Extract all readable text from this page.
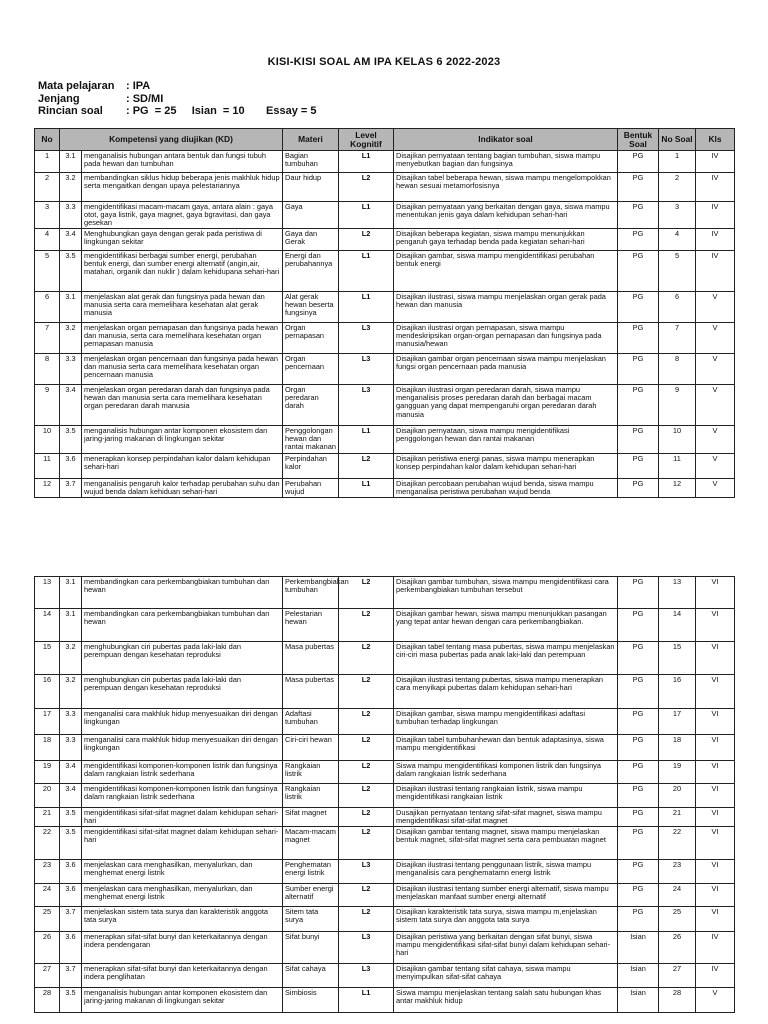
KISI-KISI SOAL AM IPA KELAS 6 2022-2023
Mata pelajaran	: IPA
Jenjang	: SD/MI
Rincian soal	: PG  = 25     Isian  = 10       Essay = 5
No	Kompetensi yang diujikan (KD)		Materi	Level Kognitif	Indikator soal	Bentuk Soal	No Soal	Kls
1	3.1	menganalisis hubungan antara bentuk dan fungsi tubuh pada hewan dan tumbuhan	Bagian tumbuhan	L1	Disajikan pernyataan tentang bagian tumbuhan, siswa mampu menyebutkan bagian dan fungsinya	PG	1	IV
2	3.2	membandingkan siklus hidup beberapa jenis makhluk hidup serta mengaitkan dengan upaya pelestariannya	Daur hidup	L2	Disajikan tabel beberapa hewan, siswa mampu mengelompokkan hewan sesuai metamorfosisnya	PG	2	IV
3	3.3	mengidentifikasi macam-macam gaya, antara alain : gaya otot, gaya listrik, gaya magnet, gaya bgravitasi, dan gaya gesekan	Gaya	L1	Disajikan pernyataan yang berkaitan dengan gaya, siswa mampu menentukan jenis gaya dalam kehidupan sehari-hari	PG	3	IV
4	3.4	Menghubungkan gaya dengan gerak pada peristiwa di lingkungan sekitar	Gaya dan Gerak	L2	Disajikan beberapa kegiatan, siswa mampu menunjukkan pengaruh gaya terhadap benda pada kegiatan sehari-hari	PG	4	IV
5	3.5	mengidentifikasi berbagai sumber energi, perubahan bentuk energi, dan sumber energi alternatif (angin,air, matahari, organik dan nuklir ) dalam kehidupana sehari-hari	Energi dan perubahannya	L1	Disajikan gambar, siswa mampu mengidentifikasi perubahan bentuk energi	PG	5	IV
6	3.1	menjelaskan alat gerak dan fungsinya pada hewan dan manusia serta cara memelihara kesehatan alat gerak manusia	Alat gerak hewan beserta fungsinya	L1	Disajikan ilustrasi, siswa mampu menjelaskan organ gerak pada hewan dan manusia	PG	6	V
7	3.2	menjelaskan organ pernapasan dan fungsinya pada hewan dan manusia, serta cara memelihara kesehatan organ pernapasan manusia	Organ pernapasan	L3	Disajikan ilustrasi organ pernapasan, siswa mampu mendeskripsikan organ-organ pernapasan dan fungsinya pada manusia/hewan	PG	7	V
8	3.3	menjelaskan organ pencernaan dan fungsinya pada hewan dan manusia serta cara memelihara kesehatan organ pencernaan manusia	Organ pencernaan	L3	Disajikan gambar organ pencernaan siswa mampu menjelaskan fungsi organ pencernaan pada manusia	PG	8	V
9	3.4	menjelaskan organ peredaran darah dan fungsinya pada hewan dan manusia serta cara memelihara kesehatan organ peredaran darah manusia	Organ peredaran darah	L3	Disajikan ilustrasi organ peredaran darah, siswa mampu menganalisis proses peredaran darah dan berbagai macam gangguan yang dapat mempengaruhi organ peredaran darah manusia	PG	9	V
10	3.5	menganalisis hubungan antar komponen ekosistem dan jaring-jaring makanan di lingkungan sekitar	Penggolongan hewan dan rantai makanan	L1	Disajikan pernyataan, siswa mampu mengidentifikasi penggolongan hewan dan rantai makanan	PG	10	V
11	3.6	menerapkan konsep perpindahan kalor dalam kehidupan sehari-hari	Perpindahan kalor	L2	Disajikan peristiwa energi panas, siswa mampu menerapkan konsep perpindahan kalor dalam kehidupan sehari-hari	PG	11	V
12	3.7	menganalisis pengaruh kalor terhadap perubahan suhu dan wujud benda dalam kehiduan sehari-hari	Perubahan wujud	L1	Disajikan percobaan perubahan wujud benda, siswa mampu menganalisa peristiwa perubahan wujud benda	PG	12	V
13	3.1	membandingkan cara perkembangbiakan tumbuhan dan hewan	Perkembangbiakan tumbuhan	L2	Disajikan gambar tumbuhan, siswa mampu mengidentifikasi cara perkembangbiakan tumbuhan tersebut	PG	13	VI
14	3.1	membandingkan cara perkembangbiakan tumbuhan dan hewan	Pelestarian hewan	L2	Disajikan gambar hewan, siswa mampu menunjukkan pasangan yang tepat antar hewan dengan cara perkembangbiakan.	PG	14	VI
15	3.2	menghubungkan ciri pubertas pada laki-laki dan perempuan dengan kesehatan reproduksi	Masa pubertas	L2	Disajikan tabel tentang masa pubertas, siswa mampu menjelaskan ciri-ciri masa pubertas pada anak laki-laki dan perempuan	PG	15	VI
16	3.2	menghubungkan ciri pubertas pada laki-laki dan perempuan dengan kesehatan reproduksi	Masa pubertas	L2	Disajikan ilustrasi tentang pubertas, siswa mampu menerapkan cara menyikapi pubertas dalam kehidupan sehari-hari	PG	16	VI
17	3.3	menganalisi cara makhluk hidup menyesuaikan diri dengan lingkungan	Adaftasi tumbuhan	L2	Disajikan gambar, siswa mampu mengidentifikasi adaftasi tumbuhan terhadap lingkungan	PG	17	VI
18	3.3	menganalisi cara makhluk hidup menyesuaikan diri dengan lingkungan	Ciri-ciri hewan	L2	Disajikan tabel tumbuhanhewan dan bentuk adaptasinya, siswa mampu mengidentifikasi	PG	18	VI
19	3.4	mengidentifikasi komponen-komponen listrik dan fungsinya dalam rangkaian listrik sederhana	Rangkaian listrik	L2	Siswa mampu mengidentifikasi komponen listrik dan fungsinya dalam rangkaian listrik sederhana	PG	19	VI
20	3.4	mengidentifikasi komponen-komponen listrik dan fungsinya dalam rangkaian listrik sederhana	Rangkaian listrik	L2	Disajikan ilustrasi tentang rangkaian listrik, siswa mampu mengidentifikasi rangkaian listrik	PG	20	VI
21	3.5	mengidentifikasi sifat-sifat magnet dalam kehidupan sehari-hari	Sifat magnet	L2	Dusajikan pernyataan tentang sifat-sifat magnet, siswa mampu mengidentifikasi sifat-sifat magnet	PG	21	VI
22	3.5	mengidentifikasi sifat-sifat magnet dalam kehidupan sehari-hari	Macam-macam magnet	L2	Disajikan gambar tentang magnet, siswa mampu menjelaskan bentuk magnet, sifat-sifat magnet serta cara pembuatan magnet	PG	22	VI
23	3.6	menjelaskan cara menghasilkan, menyalurkan, dan menghemat energi listrik	Penghematan energi listrik	L3	Disajikan ilustrasi tentang penggunaan listrik, siswa mampu menganalisis cara penghematamn energi listrik	PG	23	VI
24	3.6	menjelaskan cara menghasilkan, menyalurkan, dan menghemat energi listrik	Sumber energi alternatif	L2	Disajikan ilustrasi tentang sumber energi alternatif, siswa mampu menjelaskan manfaat sumber energi alternatif	PG	24	VI
25	3.7	menjelaskan sistem tata surya dan karakteristik anggota tata surya	Sitem tata surya	L2	Disajikan karakteristik tata surya, siswa mampu m,enjelaskan sistem tata surya dan anggota tata surya	PG	25	VI
26	3.6	menerapkan sifat-sifat bunyi dan keterkaitannya dengan indera pendengaran	Sifat bunyi	L3	Disajikan peristiwa yang berkaitan dengan sifat bunyi, siswa mampu mengidentifikasi sifat-sifat bunyi dalam kehidupan sehari-hari	Isian	26	IV
27	3.7	menerapkan sifat-sifat bunyi dan keterkaitannya dengan indera penglihatan	Sifat cahaya	L3	Disajikan gambar tentang sifat cahaya, siswa mampu menyimpulkan sifat-sifat cahaya	Isian	27	IV
28	3.5	menganalisis hubungan antar komponen ekosistem dan jaring-jaring makanan di lingkungan sekitar	Simbiosis	L1	Siswa mampu menjelaskan tentang salah satu hubungan khas antar makhluk hidup	Isian	28	V
